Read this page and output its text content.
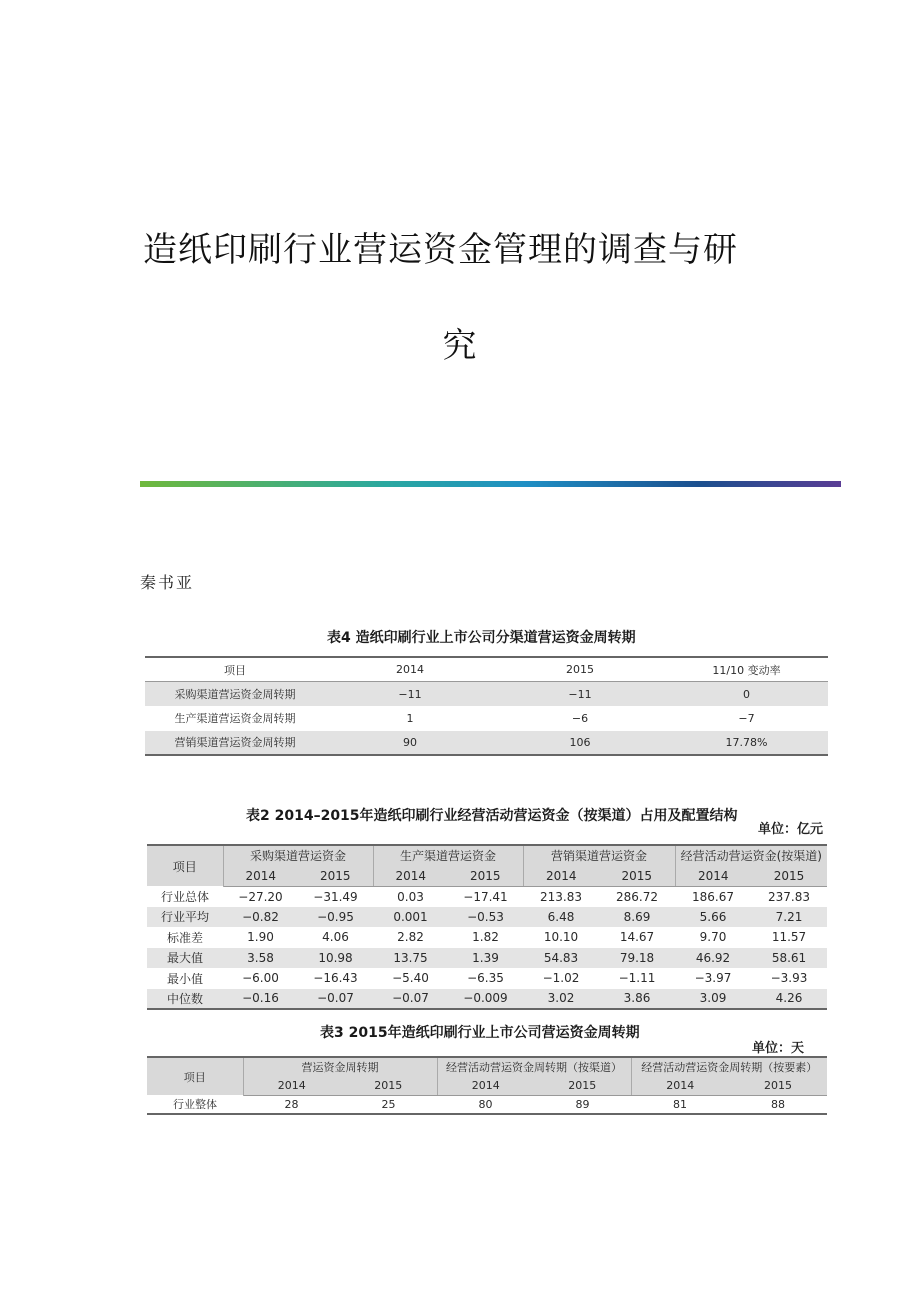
造纸印刷行业营运资金管理的调查与研
究
秦书亚
表4 造纸印刷行业上市公司分渠道营运资金周转期
项目	2014	2015	11/10 变动率
采购渠道营运资金周转期	−11	−11	0
生产渠道营运资金周转期	1	−6	−7
营销渠道营运资金周转期	90	106	17.78%
表2 2014–2015年造纸印刷行业经营活动营运资金（按渠道）占用及配置结构
单位：亿元
项目	采购渠道营运资金		生产渠道营运资金		营销渠道营运资金		经营活动营运资金(按渠道)	
	2014	2015	2014	2015	2014	2015	2014	2015
行业总体	−27.20	−31.49	0.03	−17.41	213.83	286.72	186.67	237.83
行业平均	−0.82	−0.95	0.001	−0.53	6.48	8.69	5.66	7.21
标准差	1.90	4.06	2.82	1.82	10.10	14.67	9.70	11.57
最大值	3.58	10.98	13.75	1.39	54.83	79.18	46.92	58.61
最小值	−6.00	−16.43	−5.40	−6.35	−1.02	−1.11	−3.97	−3.93
中位数	−0.16	−0.07	−0.07	−0.009	3.02	3.86	3.09	4.26
表3 2015年造纸印刷行业上市公司营运资金周转期
单位：天
项目	营运资金周转期		经营活动营运资金周转期（按渠道）		经营活动营运资金周转期（按要素）	
	2014	2015	2014	2015	2014	2015
行业整体	28	25	80	89	81	88
